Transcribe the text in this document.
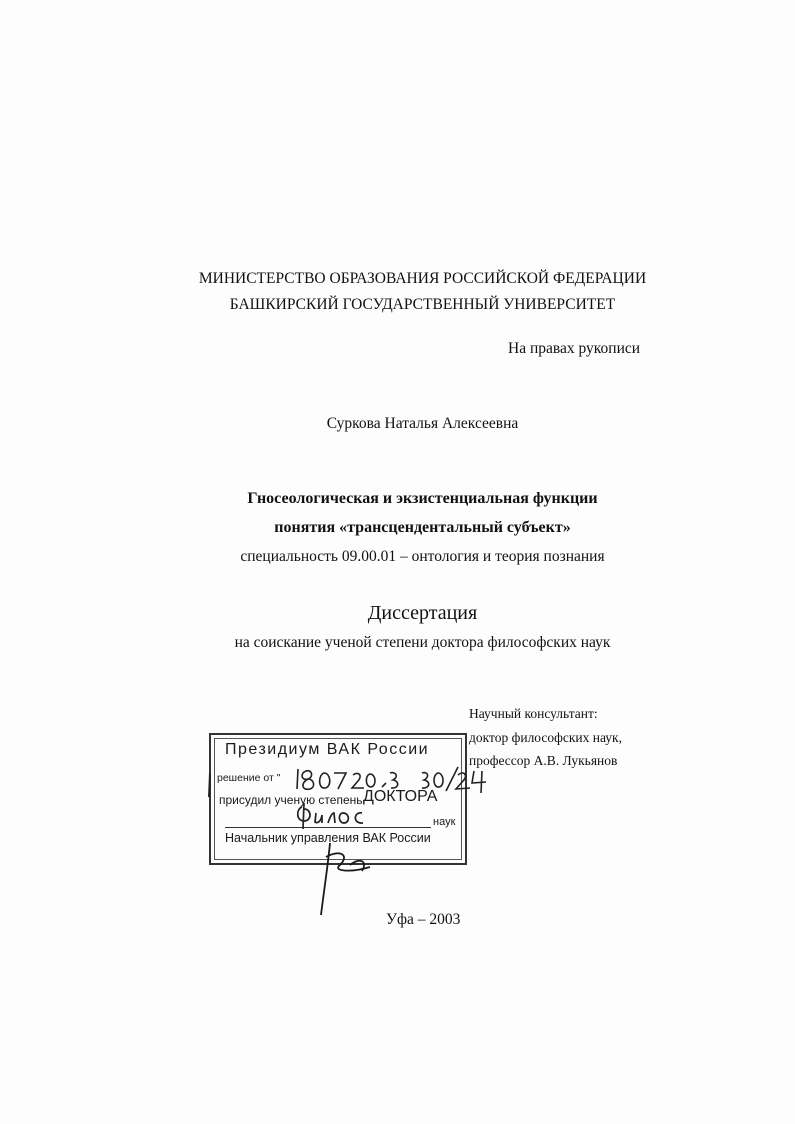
МИНИСТЕРСТВО ОБРАЗОВАНИЯ РОССИЙСКОЙ ФЕДЕРАЦИИ
БАШКИРСКИЙ ГОСУДАРСТВЕННЫЙ УНИВЕРСИТЕТ
На правах рукописи
Суркова Наталья Алексеевна
Гносеологическая и экзистенциальная функции
понятия «трансцендентальный субъект»
специальность 09.00.01 – онтология и теория познания
Диссертация
на соискание ученой степени доктора философских наук
Научный консультант:
доктор философских наук,
профессор А.В. Лукьянов
Президиум ВАК России
решение от "
присудил ученую степень ДОКТОРА
наук
Начальник управления ВАК России
Уфа – 2003
